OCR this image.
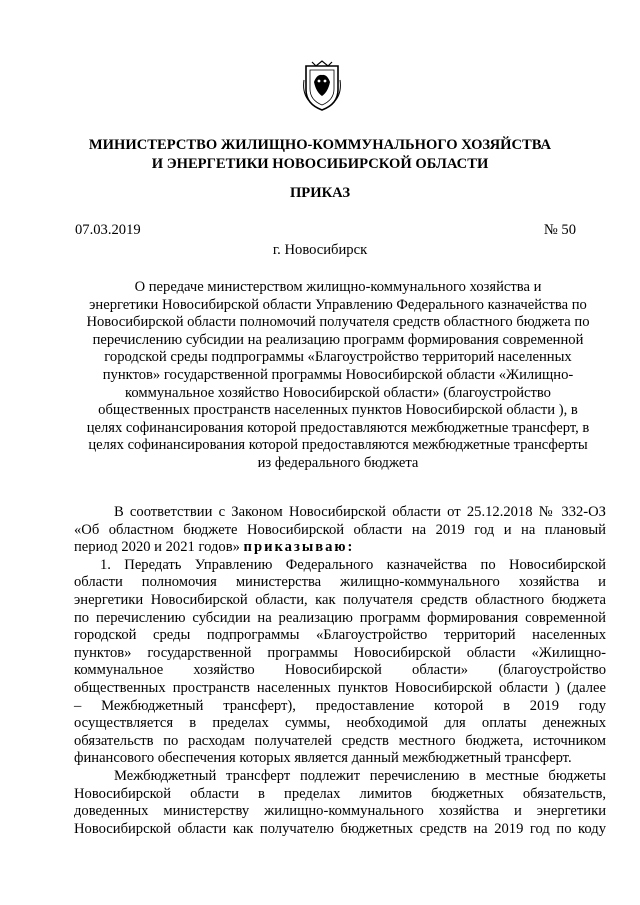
МИНИСТЕРСТВО ЖИЛИЩНО-КОММУНАЛЬНОГО ХОЗЯЙСТВА
И ЭНЕРГЕТИКИ НОВОСИБИРСКОЙ ОБЛАСТИ
ПРИКАЗ
07.03.2019	№ 50
г. Новосибирск

О передаче министерством жилищно-коммунального хозяйства и
энергетики Новосибирской области Управлению Федерального казначейства по
Новосибирской области полномочий получателя средств областного бюджета по
перечислению субсидии на реализацию программ формирования современной
городской среды подпрограммы «Благоустройство территорий населенных
пунктов» государственной программы Новосибирской области «Жилищно-
коммунальное хозяйство Новосибирской области» (благоустройство
общественных пространств населенных пунктов Новосибирской области ), в
целях софинансирования которой предоставляются межбюджетные трансферт, в
целях софинансирования которой предоставляются межбюджетные трансферты
из федерального бюджета

В соответствии с Законом Новосибирской области от 25.12.2018 № 332-ОЗ
«Об областном бюджете Новосибирской области на 2019 год и на плановый
период 2020 и 2021 годов» приказываю:

1. Передать Управлению Федерального казначейства по Новосибирской
области полномочия министерства жилищно-коммунального хозяйства и
энергетики Новосибирской области, как получателя средств областного бюджета
по перечислению субсидии на реализацию программ формирования современной
городской среды подпрограммы «Благоустройство территорий населенных
пунктов» государственной программы Новосибирской области «Жилищно-
коммунальное хозяйство Новосибирской области» (благоустройство
общественных пространств населенных пунктов Новосибирской области ) (далее
– Межбюджетный трансферт), предоставление которой в 2019 году
осуществляется в пределах суммы, необходимой для оплаты денежных
обязательств по расходам получателей средств местного бюджета, источником
финансового обеспечения которых является данный межбюджетный трансферт.

Межбюджетный трансферт подлежит перечислению в местные бюджеты
Новосибирской области в пределах лимитов бюджетных обязательств,
доведенных министерству жилищно-коммунального хозяйства и энергетики
Новосибирской области как получателю бюджетных средств на 2019 год по коду
